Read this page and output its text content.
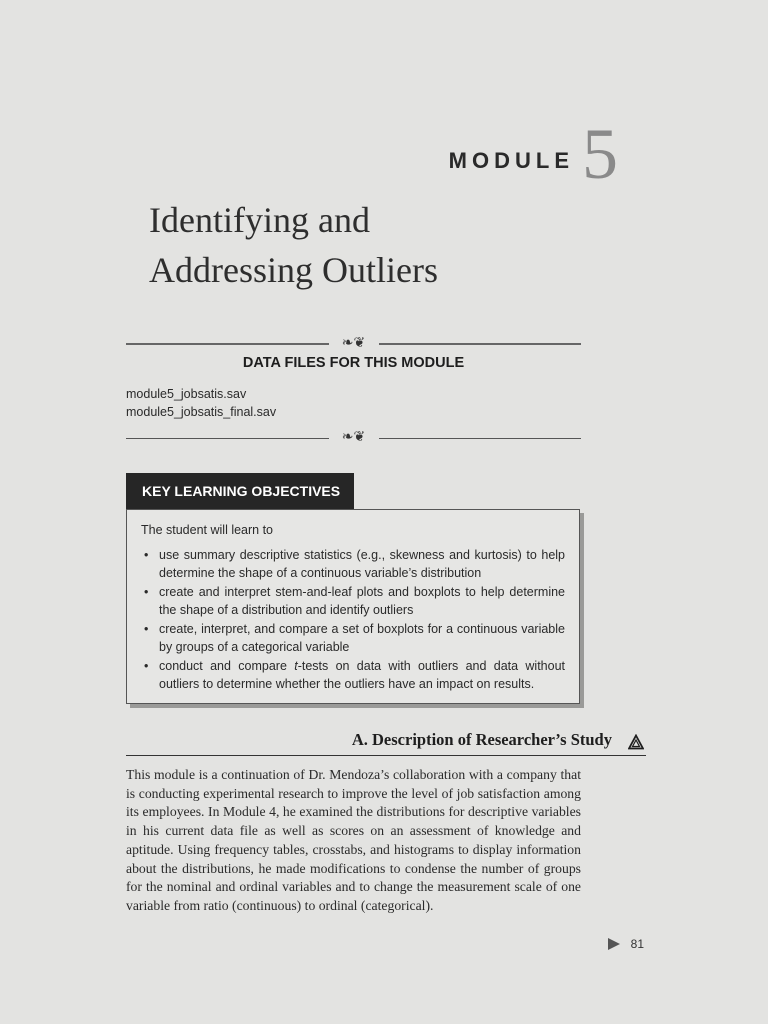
MODULE 5
Identifying and
Addressing Outliers
❧❦
DATA FILES FOR THIS MODULE
module5_jobsatis.sav
module5_jobsatis_final.sav
❧❦
KEY LEARNING OBJECTIVES
The student will learn to
• use summary descriptive statistics (e.g., skewness and kurtosis) to help determine the shape of a continuous variable’s distribution
• create and interpret stem-and-leaf plots and boxplots to help determine the shape of a distribution and identify outliers
• create, interpret, and compare a set of boxplots for a continuous variable by groups of a categorical variable
• conduct and compare t-tests on data with outliers and data without outliers to determine whether the outliers have an impact on results.
A. Description of Researcher’s Study
This module is a continuation of Dr. Mendoza’s collaboration with a company that is conducting experimental research to improve the level of job satisfaction among its employees. In Module 4, he examined the distributions for descriptive variables in his current data file as well as scores on an assessment of knowledge and aptitude. Using frequency tables, crosstabs, and histograms to display information about the distributions, he made modifications to condense the number of groups for the nominal and ordinal variables and to change the measurement scale of one variable from ratio (continuous) to ordinal (categorical).
81
